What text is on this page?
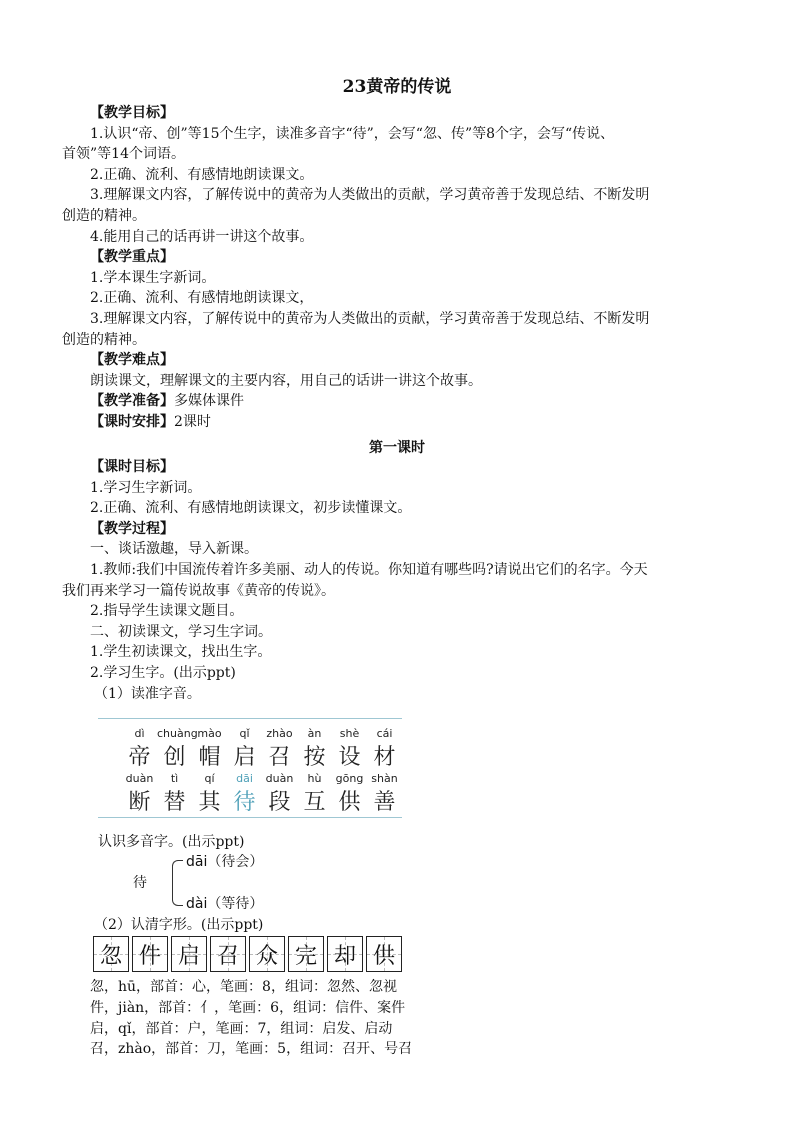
23黄帝的传说
【教学目标】
1.认识“帝、创”等15个生字，读准多音字“待”，会写“忽、传”等8个字，会写“传说、
首领”等14个词语。
2.正确、流利、有感情地朗读课文。
3.理解课文内容，了解传说中的黄帝为人类做出的贡献，学习黄帝善于发现总结、不断发明
创造的精神。
4.能用自己的话再讲一讲这个故事。
【教学重点】
1.学本课生字新词。
2.正确、流利、有感情地朗读课文，
3.理解课文内容，了解传说中的黄帝为人类做出的贡献，学习黄帝善于发现总结、不断发明
创造的精神。
【教学难点】
朗读课文，理解课文的主要内容，用自己的话讲一讲这个故事。
【教学准备】多媒体课件
【课时安排】2课时
第一课时
【课时目标】
1.学习生字新词。
2.正确、流利、有感情地朗读课文，初步读懂课文。
【教学过程】
一、谈话激趣，导入新课。
1.教师:我们中国流传着许多美丽、动人的传说。你知道有哪些吗?请说出它们的名字。今天
我们再来学习一篇传说故事《黄帝的传说》。
2.指导学生读课文题目。
二、初读课文，学习生字词。
1.学生初读课文，找出生字。
2.学习生字。(出示ppt)
（1）读准字音。
dì	chuàng mào	qǐ	zhào	àn	shè	cái
帝 创 帽 启 召 按 设 材
duàn	tì	qí	dāi	duàn	hù	gōng shàn
断 替 其 待 段 互 供 善
认识多音字。(出示ppt)
待
dāi（待会）
dài（等待）
（2）认清字形。(出示ppt)
忽 件 启 召 众 完 却 供
忽，hū，部首：心，笔画：8，组词：忽然、忽视
件，jiàn，部首：亻，笔画：6，组词：信件、案件
启，qǐ，部首：户，笔画：7，组词：启发、启动
召，zhào，部首：刀，笔画：5，组词：召开、号召
